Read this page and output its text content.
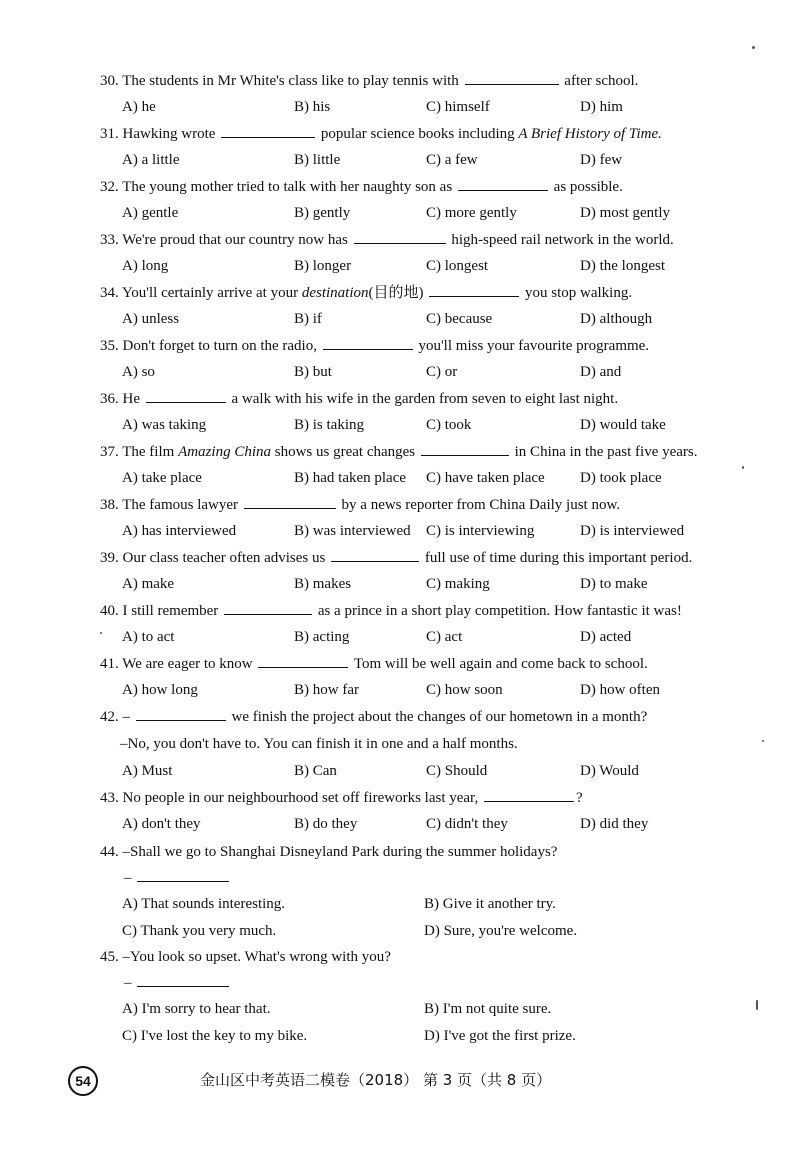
30. The students in Mr White's class like to play tennis with	after school.
A) he	B) his	C) himself	D) him
31. Hawking wrote	popular science books including A Brief History of Time.
A) a little	B) little	C) a few	D) few
32. The young mother tried to talk with her naughty son as	as possible.
A) gentle	B) gently	C) more gently	D) most gently
33. We're proud that our country now has	high-speed rail network in the world.
A) long	B) longer	C) longest	D) the longest
34. You'll certainly arrive at your destination(目的地)	you stop walking.
A) unless	B) if	C) because	D) although
35. Don't forget to turn on the radio,	you'll miss your favourite programme.
A) so	B) but	C) or	D) and
36. He	a walk with his wife in the garden from seven to eight last night.
A) was taking	B) is taking	C) took	D) would take
37. The film Amazing China shows us great changes	in China in the past five years.
A) take place	B) had taken place C) have taken place D) took place
38. The famous lawyer	by a news reporter from China Daily just now.
A) has interviewed	B) was interviewed C) is interviewing	D) is interviewed
39. Our class teacher often advises us	full use of time during this important period.
A) make	B) makes	C) making	D) to make
40. I still remember	as a prince in a short play competition. How fantastic it was!
A) to act	B) acting	C) act	D) acted
41. We are eager to know	Tom will be well again and come back to school.
A) how long	B) how far	C) how soon	D) how often
42. –	we finish the project about the changes of our hometown in a month?
–No, you don't have to. You can finish it in one and a half months.
A) Must	B) Can	C) Should	D) Would
43. No people in our neighbourhood set off fireworks last year,	?
A) don't they	B) do they	C) didn't they	D) did they
44. –Shall we go to Shanghai Disneyland Park during the summer holidays?
–
A) That sounds interesting.	B) Give it another try.
C) Thank you very much.	D) Sure, you're welcome.
45. –You look so upset. What's wrong with you?
–
A) I'm sorry to hear that.	B) I'm not quite sure.
C) I've lost the key to my bike.	D) I've got the first prize.
54	金山区中考英语二模卷（2018） 第 3 页（共 8 页）
